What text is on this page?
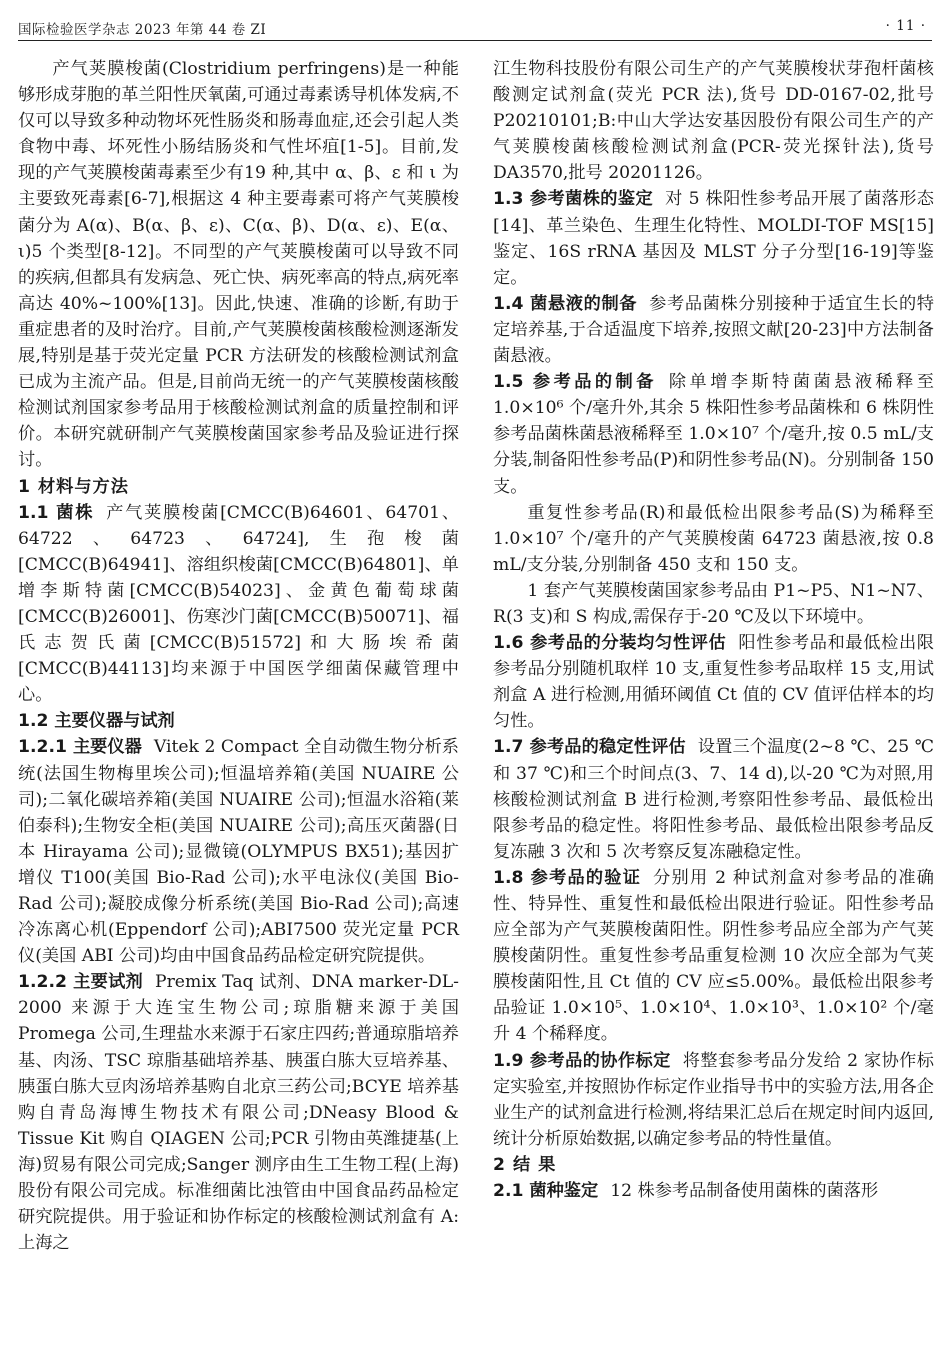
国际检验医学杂志 2023 年第 44 卷 ZⅠ	· 11 ·

产气荚膜梭菌(Clostridium perfringens)是一种能够形成芽胞的革兰阳性厌氧菌,可通过毒素诱导机体发病,不仅可以导致多种动物坏死性肠炎和肠毒血症,还会引起人类食物中毒、坏死性小肠结肠炎和气性坏疽[1-5]。目前,发现的产气荚膜梭菌毒素至少有19 种,其中 α、β、ε 和 ι 为主要致死毒素[6-7],根据这 4 种主要毒素可将产气荚膜梭菌分为 A(α)、B(α、β、ε)、C(α、β)、D(α、ε)、E(α、ι)5 个类型[8-12]。不同型的产气荚膜梭菌可以导致不同的疾病,但都具有发病急、死亡快、病死率高的特点,病死率高达 40%~100%[13]。因此,快速、准确的诊断,有助于重症患者的及时治疗。目前,产气荚膜梭菌核酸检测逐渐发展,特别是基于荧光定量 PCR 方法研发的核酸检测试剂盒已成为主流产品。但是,目前尚无统一的产气荚膜梭菌核酸检测试剂国家参考品用于核酸检测试剂盒的质量控制和评价。本研究就研制产气荚膜梭菌国家参考品及验证进行探讨。

1 材料与方法

1.1 菌株 产气荚膜梭菌[CMCC(B)64601、64701、64722、64723、64724],生孢梭菌[CMCC(B)64941]、溶组织梭菌[CMCC(B)64801]、单增李斯特菌[CMCC(B)54023]、金黄色葡萄球菌[CMCC(B)26001]、伤寒沙门菌[CMCC(B)50071]、福氏志贺氏菌[CMCC(B)51572]和大肠埃希菌[CMCC(B)44113]均来源于中国医学细菌保藏管理中心。

1.2 主要仪器与试剂

1.2.1 主要仪器 Vitek 2 Compact 全自动微生物分析系统(法国生物梅里埃公司);恒温培养箱(美国 NUAIRE 公司);二氧化碳培养箱(美国 NUAIRE 公司);恒温水浴箱(莱伯泰科);生物安全柜(美国 NUAIRE 公司);高压灭菌器(日本 Hirayama 公司);显微镜(OLYMPUS BX51);基因扩增仪 T100(美国 Bio-Rad 公司);水平电泳仪(美国 Bio-Rad 公司);凝胶成像分析系统(美国 Bio-Rad 公司);高速冷冻离心机(Eppendorf 公司);ABI7500 荧光定量 PCR 仪(美国 ABI 公司)均由中国食品药品检定研究院提供。

1.2.2 主要试剂 Premix Taq 试剂、DNA marker-DL-2000 来源于大连宝生物公司;琼脂糖来源于美国 Promega 公司,生理盐水来源于石家庄四药;普通琼脂培养基、肉汤、TSC 琼脂基础培养基、胰蛋白胨大豆培养基、胰蛋白胨大豆肉汤培养基购自北京三药公司;BCYE 培养基购自青岛海博生物技术有限公司;DNeasy Blood & Tissue Kit 购自 QIAGEN 公司;PCR 引物由英潍捷基(上海)贸易有限公司完成;Sanger 测序由生工生物工程(上海)股份有限公司完成。标准细菌比浊管由中国食品药品检定研究院提供。用于验证和协作标定的核酸检测试剂盒有 A:上海之

江生物科技股份有限公司生产的产气荚膜梭状芽孢杆菌核酸测定试剂盒(荧光 PCR 法),货号 DD-0167-02,批号 P20210101;B:中山大学达安基因股份有限公司生产的产气荚膜梭菌核酸检测试剂盒(PCR-荧光探针法),货号 DA3570,批号 20201126。

1.3 参考菌株的鉴定 对 5 株阳性参考品开展了菌落形态[14]、革兰染色、生理生化特性、MOLDI-TOF MS[15]鉴定、16S rRNA 基因及 MLST 分子分型[16-19]等鉴定。

1.4 菌悬液的制备 参考品菌株分别接种于适宜生长的特定培养基,于合适温度下培养,按照文献[20-23]中方法制备菌悬液。

1.5 参考品的制备 除单增李斯特菌菌悬液稀释至 1.0×10⁶ 个/毫升外,其余 5 株阳性参考品菌株和 6 株阴性参考品菌株菌悬液稀释至 1.0×10⁷ 个/毫升,按 0.5 mL/支分装,制备阳性参考品(P)和阴性参考品(N)。分别制备 150 支。

重复性参考品(R)和最低检出限参考品(S)为稀释至 1.0×10⁷ 个/毫升的产气荚膜梭菌 64723 菌悬液,按 0.8 mL/支分装,分别制备 450 支和 150 支。

1 套产气荚膜梭菌国家参考品由 P1~P5、N1~N7、R(3 支)和 S 构成,需保存于-20 ℃及以下环境中。

1.6 参考品的分装均匀性评估 阳性参考品和最低检出限参考品分别随机取样 10 支,重复性参考品取样 15 支,用试剂盒 A 进行检测,用循环阈值 Ct 值的 CV 值评估样本的均匀性。

1.7 参考品的稳定性评估 设置三个温度(2~8 ℃、25 ℃和 37 ℃)和三个时间点(3、7、14 d),以-20 ℃为对照,用核酸检测试剂盒 B 进行检测,考察阳性参考品、最低检出限参考品的稳定性。将阳性参考品、最低检出限参考品反复冻融 3 次和 5 次考察反复冻融稳定性。

1.8 参考品的验证 分别用 2 种试剂盒对参考品的准确性、特异性、重复性和最低检出限进行验证。阳性参考品应全部为产气荚膜梭菌阳性。阴性参考品应全部为产气荚膜梭菌阴性。重复性参考品重复检测 10 次应全部为气荚膜梭菌阳性,且 Ct 值的 CV 应≤5.00%。最低检出限参考品验证 1.0×10⁵、1.0×10⁴、1.0×10³、1.0×10² 个/毫升 4 个稀释度。

1.9 参考品的协作标定 将整套参考品分发给 2 家协作标定实验室,并按照协作标定作业指导书中的实验方法,用各企业生产的试剂盒进行检测,将结果汇总后在规定时间内返回,统计分析原始数据,以确定参考品的特性量值。

2 结 果

2.1 菌种鉴定 12 株参考品制备使用菌株的菌落形
